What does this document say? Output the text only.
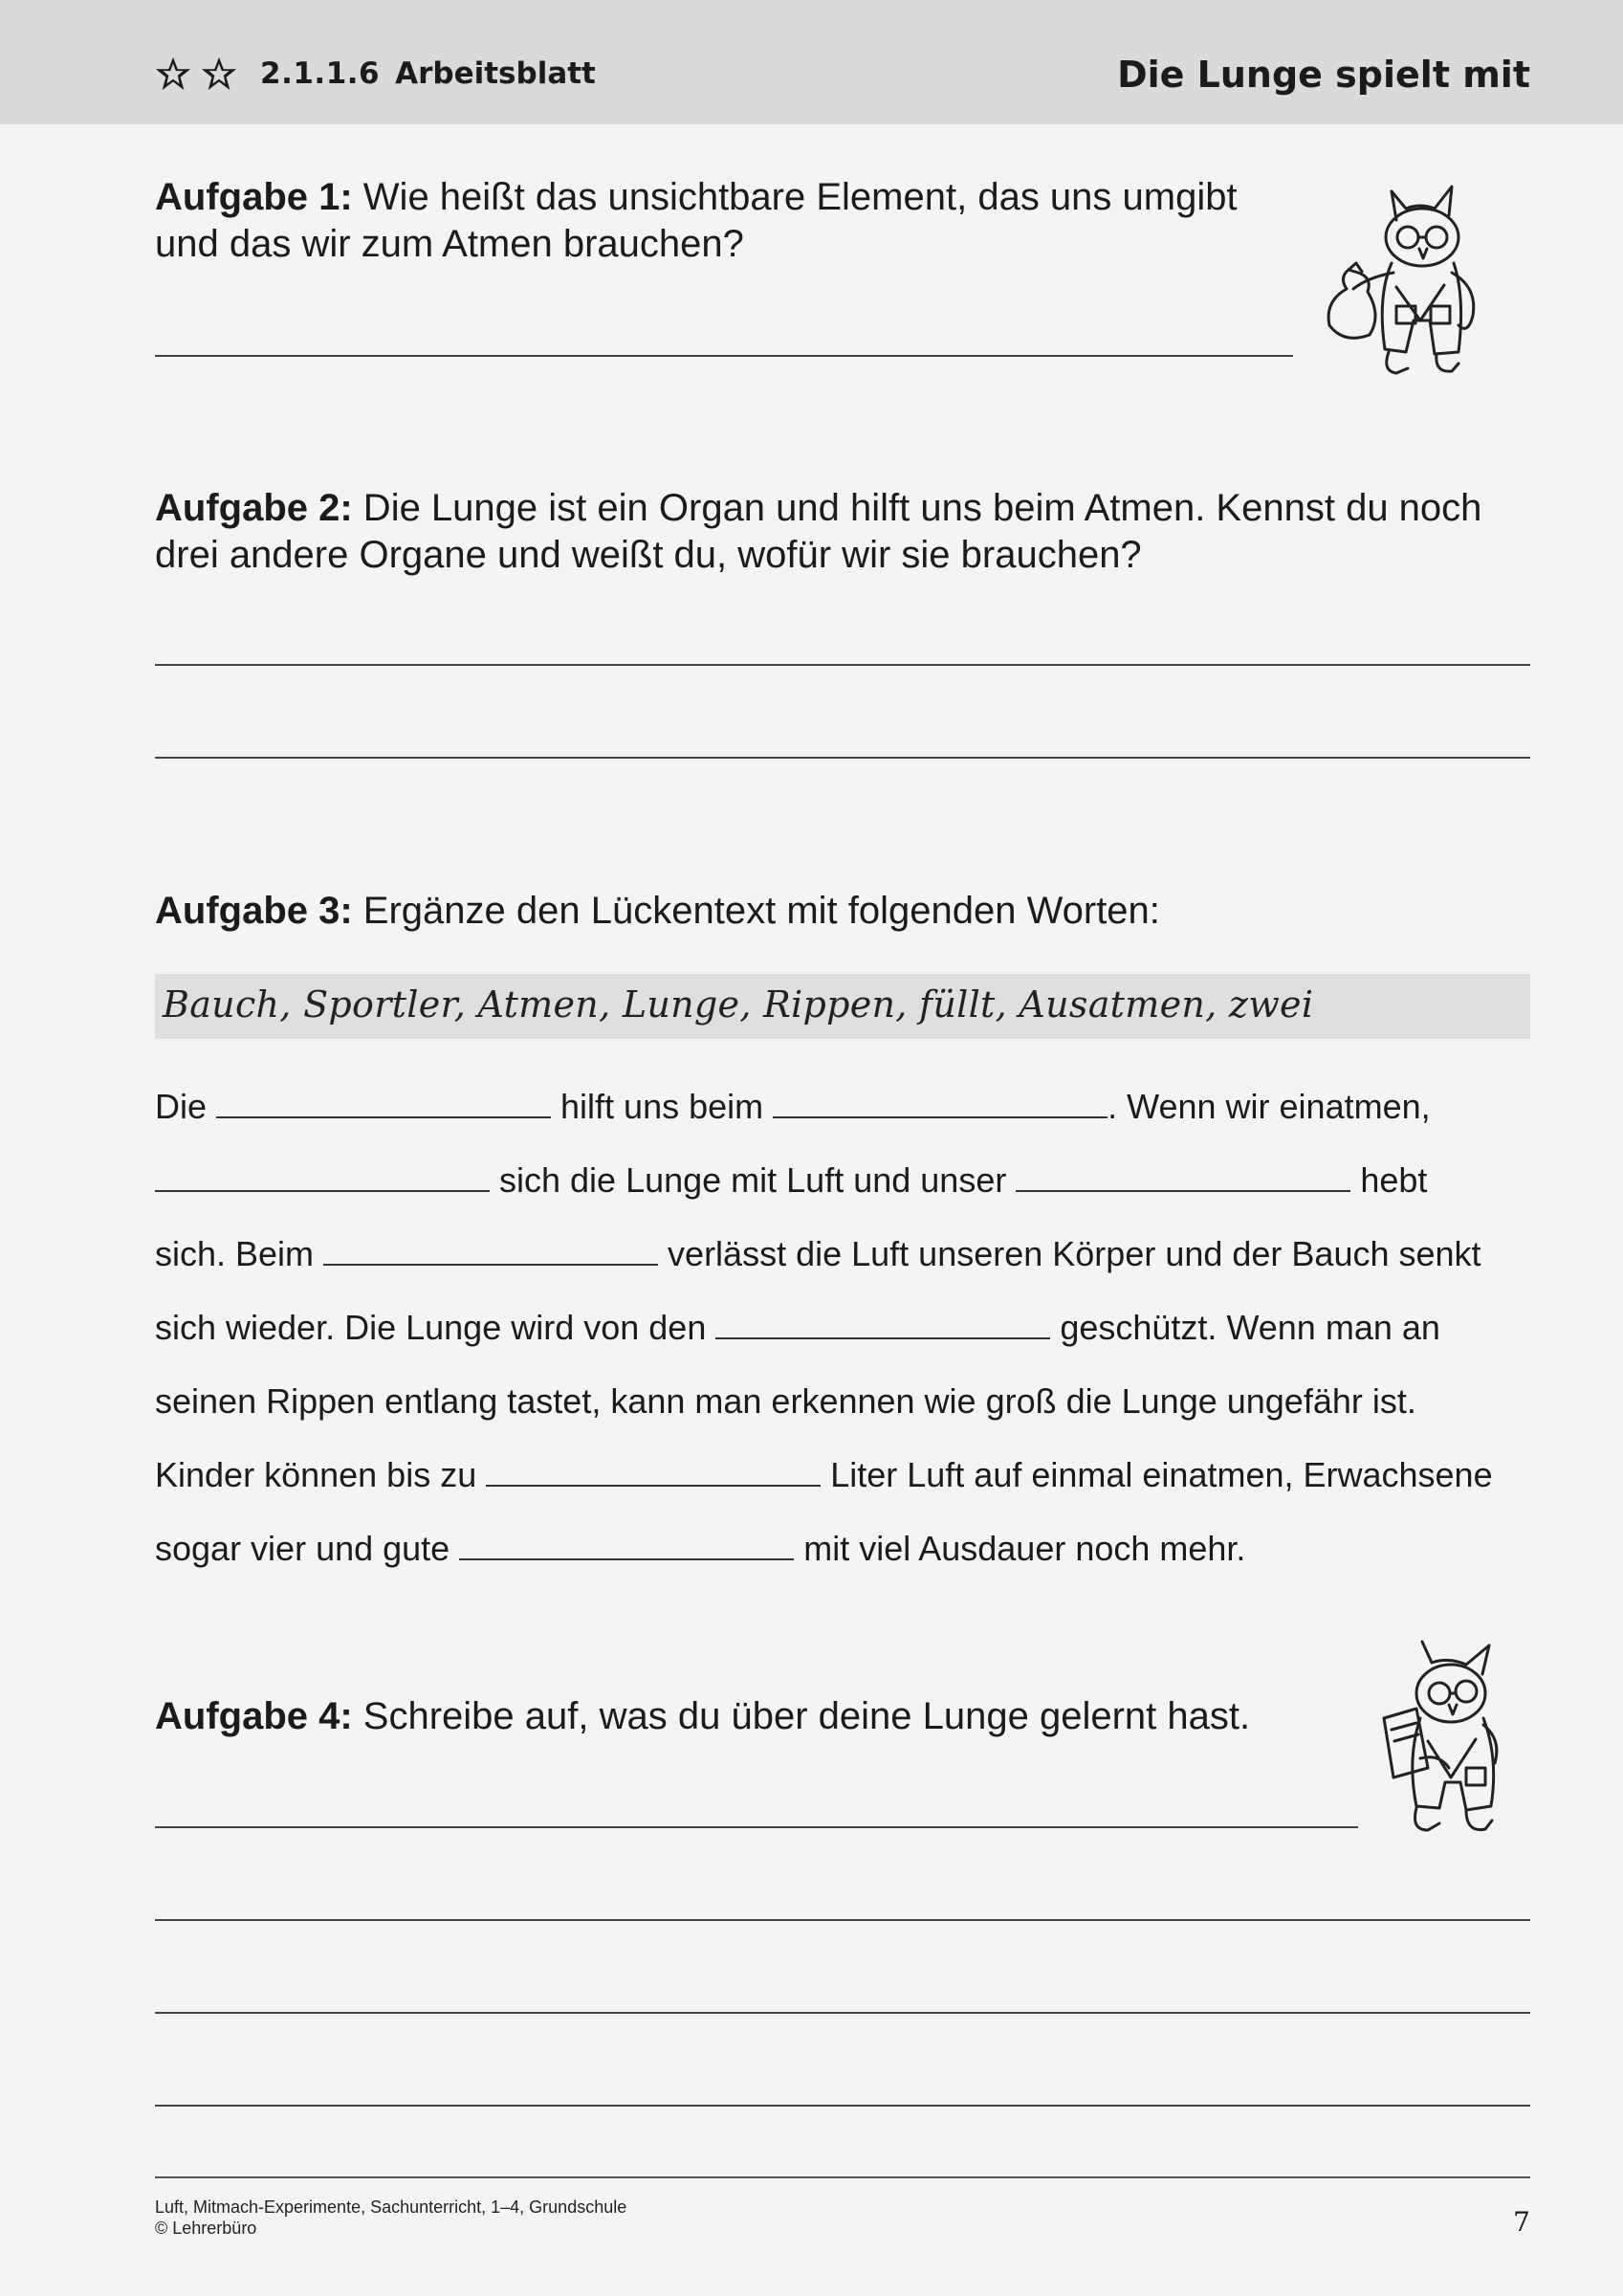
2.1.1.6 Arbeitsblatt	Die Lunge spielt mit
Aufgabe 1: Wie heißt das unsichtbare Element, das uns umgibt
und das wir zum Atmen brauchen?
Aufgabe 2: Die Lunge ist ein Organ und hilft uns beim Atmen. Kennst du noch
drei andere Organe und weißt du, wofür wir sie brauchen?
Aufgabe 3: Ergänze den Lückentext mit folgenden Worten:
Bauch, Sportler, Atmen, Lunge, Rippen, füllt, Ausatmen, zwei
Die	hilft uns beim	. Wenn wir einatmen,
sich die Lunge mit Luft und unser	hebt
sich. Beim	verlässt die Luft unseren Körper und der Bauch senkt
sich wieder. Die Lunge wird von den	geschützt. Wenn man an
seinen Rippen entlang tastet, kann man erkennen wie groß die Lunge ungefähr ist.
Kinder können bis zu	Liter Luft auf einmal einatmen, Erwachsene
sogar vier und gute	mit viel Ausdauer noch mehr.
Aufgabe 4: Schreibe auf, was du über deine Lunge gelernt hast.
Luft, Mitmach-Experimente, Sachunterricht, 1–4, Grundschule
© Lehrerbüro	7
